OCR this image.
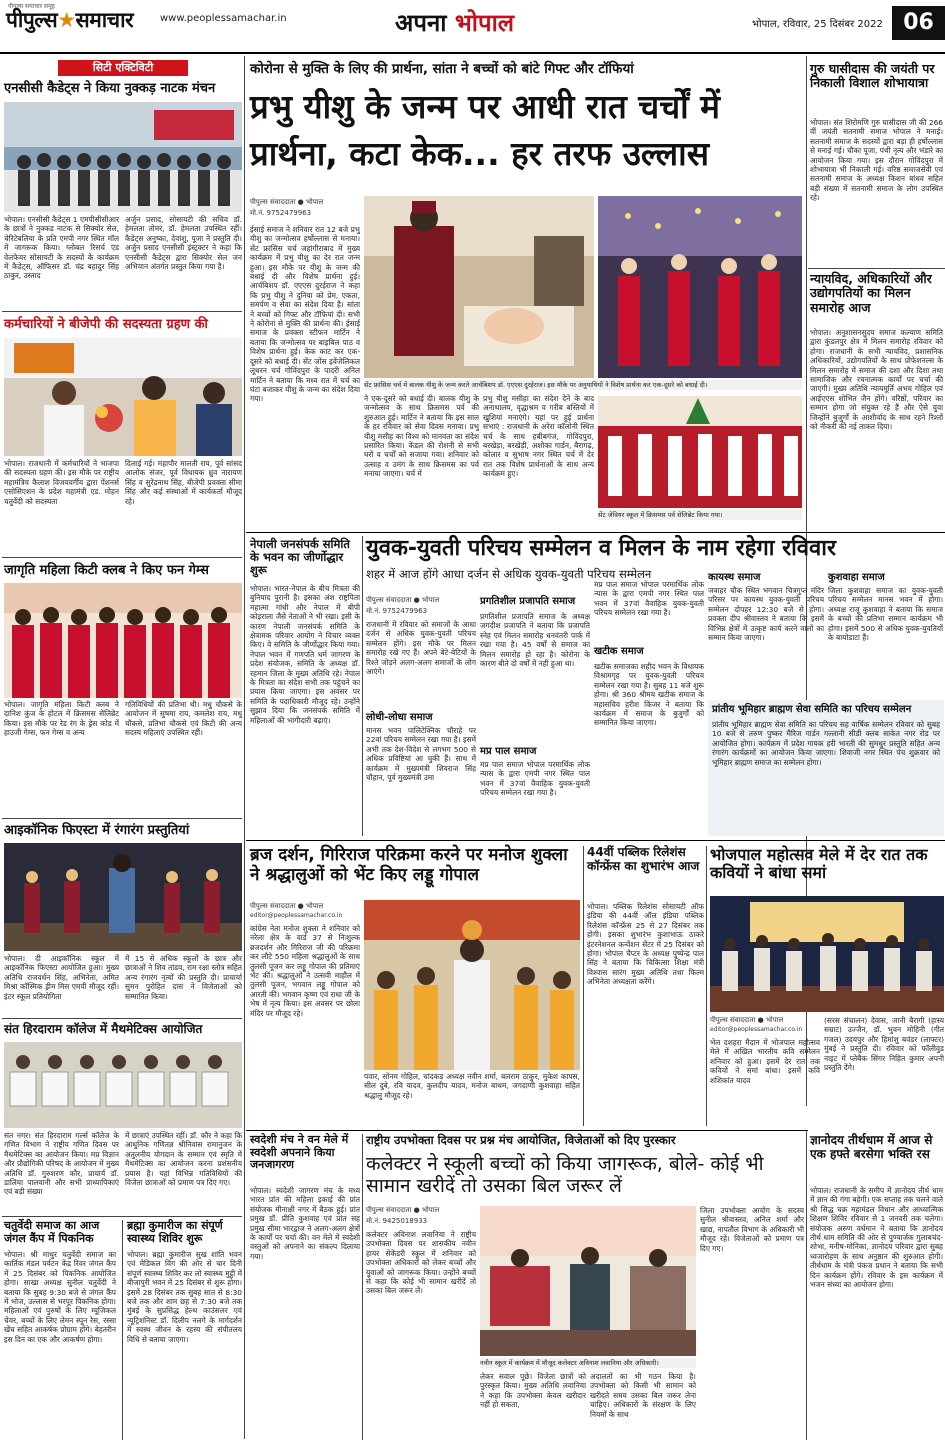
पीपुल्स समाचार समूह
पीपुल्स★समाचार	www.peoplessamachar.in	अपना भोपाल	भोपाल, रविवार, 25 दिसंबर 2022 06
सिटी एक्टिविटी
एनसीसी कैडेट्स ने किया नुक्कड़ नाटक मंचन
भोपाल। एनसीसी कैडेट्स 1 एमपीसीसीआर के छात्रों ने नुक्कड़ नाटक से सिक्योर सेल, चेरिटेबलिया के प्रति एमपी नगर स्थित मॉल में जागरूक किया। ग्लोबल रिसर्च एंड वेलफेयर सोसायटी के सदस्यों के कार्यक्रम में कैडेट्स, ऑफिसर डॉ. चंद्र बहादुर सिंह ठाकुर, उस्ताद
अर्जुन प्रसाद, सोसायटी की सचिव डॉ. हेमलता तोमर, डॉ. हेमलता उपस्थित रहीं। कैडेट्स अनुष्का, देवांशु, पूजा ने प्रस्तुति दी। अर्जुन प्रसाद एनसीसी इंस्ट्रक्टर ने कहा कि एनसीसी कैडेट्स द्वारा सिक्योर सेल जन अभियान अंतर्गत प्रस्तुत किया गया है।
कर्मचारियों ने बीजेपी की सदस्यता ग्रहण की
भोपाल। राजधानी में कर्मचारियों ने भाजपा की सदस्यता ग्रहण की। इस मौके पर राष्ट्रीय महामंत्रिय कैलाश विजयवर्गीय द्वारा पेंशनर्स एसोसिएशन के प्रदेश महामंत्री एड. मोहन चतुर्वेदी को सदस्यता
दिलाई गई। महापौर मालती राय, पूर्व सांसद आलोक संजर, पूर्व विधायक ध्रुव नारायण सिंह व सुरेंद्रनाथ सिंह, बीजेपी प्रवक्ता सीमा सिंह और कई संस्थाओं में कार्यकर्ता मौजूद रहे।
जागृति महिला किटी क्लब ने किए फन गेम्स
भोपाल। जागृति महिला किटी क्लब ने दानिश कुंज के होटल में क्रिसमस सेलिब्रेट किया। इस मौके पर रेड रंग के ड्रेस कोड में हाउजी गेम्स, फन गेम्स व अन्य
गतिविधियों की प्रतिभा थी। मधु चौकसे के आयोजन में सुषमा राय, कमलेश राय, मधु चौकसे, प्रतिभा चौकसे एवं किटी की अन्य सदस्य महिलाएं उपस्थित रहीं।
आइकॉनिक फिएस्टा में रंगारंग प्रस्तुतियां
भोपाल। दी आइकॉनिक स्कूल में आइकॉनिक फिएस्टा आयोजित हुआ। मुख्य अतिथि राजवर्धन सिंह, अभिनेता, अमित मिश्रा कॉस्मिक ड्रीम मिस एमपी मौजूद रहीं। इंटर स्कूल प्रतियोगिता
में 15 से अधिक स्कूलों के छात्र और छात्राओं ने शिव तांडव, राम रक्षा स्तोत्र सहित अन्य रंगारंग नृत्यों की प्रस्तुति दी। प्राचार्या सुमन पुरोहित दास ने विजेताओं को सम्मानित किया।
संत हिरदाराम कॉलेज में मैथमेटिक्स आयोजित
संत नगर। संत हिरदाराम गर्ल्स कॉलेज के गणित विभाग ने राष्ट्रीय गणित दिवस पर मैथमेटिक्स का आयोजन किया। मप्र विज्ञान और प्रौद्योगिकी परिषद के आयोजन में मुख्य अतिथि डॉ. गुरुशरण कौर, प्राचार्य डॉ. डालिया पालवानी और सभी प्राध्यापिकाएं एवं बड़ी संख्या
में छात्राएं उपस्थित रहीं। डॉ. कौर ने कहा कि आधुनिक गणितज्ञ श्रीनिवास रामानुजन के अतुलनीय योगदान के सम्मान एवं स्मृति में मैथमेटिक्स का आयोजन करना प्रशंसनीय प्रयास है। यहां विभिन्न गतिविधियों की विजेता छात्राओं को प्रमाण पत्र दिए गए।
चतुर्वेदी समाज का आज जंगल कैंप में पिकनिक
भोपाल। श्री माथुर चतुर्वेदी समाज का कार्तिक मंडल पर्यटन केंद्र रिवर जंगल कैंप में 25 दिसंबर को पिकनिक आयोजित होगा। साखा अध्यक्ष सुनील चतुर्वेदी ने बताया कि सुबह 9:30 बजे से जंगल कैंप में भोज, उल्लास से भरपूर पिकनिक होगा। महिलाओं एवं पुरुषों के लिए म्यूजिकल चेयर, बच्चों के लिए लेमन स्पून रेस, रस्सा खेंच सहित आकर्षक प्रोग्राम होंगे। बेहतरीन इस दिन का एक और आकर्षण होगा।
ब्रह्मा कुमारीज का संपूर्ण स्वास्थ्य शिविर शुरू
भोपाल। ब्रह्मा कुमारीज सुख शांति भवन एवं मेडिकल विंग की ओर से चार दिनी संपूर्ण स्वास्थ्य शिविर कर लो स्वास्थ्य मुट्ठी में बीजापुरी भवन में 25 दिसंबर से शुरू होगा। इसमें 28 दिसंबर तक सुबह सात से 8:30 बजे तक और शाम छह से 7:30 बजे तक मुंबई के सुप्रसिद्ध हेल्थ काउंसलर एवं न्यूट्रिशनिस्ट डॉ. दिलीप नलगे के मार्गदर्शन में स्वस्थ जीवन के रहस्य की संपीतलय विधि से बताया जाएगा।
कोरोना से मुक्ति के लिए की प्रार्थना, सांता ने बच्चों को बांटे गिफ्ट और टॉफियां
प्रभु यीशु के जन्म पर आधी रात चर्चों में
प्रार्थना, कटा केक... हर तरफ उल्लास
पीपुल्स संवाददाता ● भोपाल
मो.नं. 9752479963
ईसाई समाज ने शनिवार रात 12 बजे प्रभु यीशु का जन्मोत्सव हर्षोल्लास से मनाया। सेंट फ्रांसिस चर्च जहांगीराबाद में मुख्य कार्यक्रम में प्रभु यीशु का देर रात जन्म हुआ। इस मौके पर यीशु के जन्म की बधाई दी और विशेष प्रार्थना हुई। आर्चबिशप डॉ. एएएस दुरईराज ने कहा कि प्रभु यीशु ने दुनिया को प्रेम, एकता, समर्पण व सेवा का संदेश दिया है। सांता ने बच्चों को गिफ्ट और टॉफियां दी। सभी ने कोरोना से मुक्ति की प्रार्थना की। ईसाई समाज के प्रवक्ता स्टीफन मार्टिन ने बताया कि जन्मोत्सव पर बाइबिल पाठ व विशेष प्रार्थना हुई। केक काट कर एक-दूसरे को बधाई दी। सेंट जोंस इवेंजेलिकल लूथरन चर्च गोविंदपुरा के पादरी अनिल मार्टिन ने बताया कि मध्य रात में चर्च का घंटा बजाकर यीशु के जन्म का संदेश दिया गया।
सेंट फ्रांसिस चर्च में बालक यीशु के जन्म करते आर्चबिशप डॉ. एएएस दुरईराज। इस मौके पर अनुयायियों ने विशेष प्रार्थना कर एक-दूसरे को बधाई दी।
ने एक-दूसरे को बधाई दी। बालक यीशु के जन्मोत्सव के साथ क्रिसमस पर्व की शुरुआत हुई। मार्टिन ने बताया कि इस साल के हर रविवार को सेवा दिवस मनाया। प्रभु यीशु मसीह का विश्व को मानवता का संदेश प्रसारित किया। केंडल की रोशनी से सभी घरों व चर्चों को सजाया गया। शनिवार को उत्साह व उमंग के साथ क्रिसमस का पर्व मनाया जाएगा। चर्च में
प्रभु यीशु मसीहा का संदेश देने के बाद अनाथालय, वृद्धाश्रम व गरीब बस्तियों में खुशियां मनाएंगे। यहां पर हुई प्रार्थना सभाएं : राजधानी के अरेरा कॉलोनी स्थित चर्च के साथ हबीबगंज, गोविंदपुरा, बरखेड़ा, बरखेड़ी, अशोका गार्डन, बैरागढ़, कोलार व सुभाष नगर स्थित चर्च में देर रात तक विशेष प्रार्थनाओं के साथ अन्य कार्यक्रम हुए।
सेंट जेवियर स्कूल में क्रिसमस पर्व सेलिब्रेट किया गया।
गुरु घासीदास की जयंती पर निकाली विशाल शोभायात्रा
भोपाल। संत शिरोमणि गुरु घासीदास जी की 266 वीं जयंती सतनामी समाज भोपाल ने मनाई। सतनामी समाज के सदस्यों द्वारा बड़ा ही हर्षोल्लास से मनाई गई। चौका पूजा, पंथी नृत्य और भंडारे का आयोजन किया गया। इस दौरान गोविंदपुरा में शोभायात्रा भी निकाली गई। वरिष्ठ समाजसेवी एवं सतनामी समाज के अध्यक्ष किशन बांधव सहित बड़ी संख्या में सतनामी समाज के लोग उपस्थित रहे।
न्यायविद, अधिकारियों और उद्योगपतियों का मिलन समारोह आज
भोपाल। अनुशासनसुदय समाज कल्याण समिति द्वारा कुंडलपुर क्षेत्र में मिलन समारोह रविवार को होगा। राजधानी के सभी न्यायविद, प्रशासनिक अधिकारियों, उद्योगपतियों के साथ प्रोफेशनल्स के मिलन समारोह में समाज की दशा और दिशा तथा सामाजिक और रचनात्मक कार्यों पर चर्चा की जाएगी। मुख्य अतिथि न्यायमूर्ति अभय गोहिल एवं आईएएस शोभित जैन होंगे। वरिष्ठों, परिवार का सम्मान होगा जो संयुक्त रहे हैं और ऐसे युवा जिन्होंने बुजुर्गों के आशीर्वाद के साथ रहने रिश्तों को नीकरी की नई ताकत दिया।
नेपाली जनसंपर्क समिति के भवन का जीर्णोद्धार शुरू
भोपाल। भारत-नेपाल के बीच मित्रता की बुनियाद पुरानी है। इसका अंश राष्ट्रपिता महात्मा गांधी और नेपाल में बीपी कोइराला जैसे नेताओं ने भी रखा। इसी के कारण नेपाली जनसंपर्क समिति के क्षेत्रामक परिवार आयोग ने विचार व्यक्त किए। वे समिति के जीर्णोद्धार किया गया। नेपाल भवन में गणपति धर्म जागरण के प्रदेश संयोजक, समिति के अध्यक्ष डॉ. रहमान जिला के मुख्य अतिथि रहे। नेपाल के मित्रता का संदेश सभी तक पहुंचने का प्रयास किया जाएगा। इस अवसर पर समिति के पदाधिकारी मौजूद रहे। उन्होंने सुझाव दिया कि जनसंपर्क समिति में महिलाओं की भागीदारी बढ़ाएं।
युवक-युवती परिचय सम्मेलन व मिलन के नाम रहेगा रविवार
शहर में आज होंगे आधा दर्जन से अधिक युवक-युवती परिचय सम्मेलन
पीपुल्स संवाददाता ● भोपाल
मो.नं. 9752479963
राजधानी में रविवार को समाजों के आधा दर्जन से अधिक युवक-युवती परिचय सम्मेलन होंगे। इस मौके पर मिलन समारोह रखे गए हैं। अपने बेटे-बेटियों के रिश्ते जोड़ने अलग-अलग समाजों के लोग आएंगे।
लोधी-लोधा समाज
मानस भवन पालिटेक्निक चौराहे पर 22वां परिचय सम्मेलन रखा गया है। इसमें अभी तक देश-विदेश से लगभग 500 से अधिक प्रविष्टियां आ चुकी हैं। साथ में कार्यक्रम में मुख्यमंत्री शिवराज सिंह चौहान, पूर्व मुख्यमंत्री उमा
प्रगतिशील प्रजापति समाज
प्रगतिशील प्रजापति समाज के अध्यक्ष जगदीश प्रजापति ने बताया कि प्रजापति स्नेह एवं मिलन समारोह धनवंतरी पार्क में रखा गया है। 45 वर्षों से समाज का मिलन समारोह हो रहा है। कोरोना के कारण बीते दो वर्षों में नहीं हुआ था।
मप्र पाल समाज
मप्र पाल समाज भोपाल परमार्थिक लोक न्यास के द्वारा एमपी नगर स्थित पाल भवन में 37वां वैवाहिक युवक-युवती परिचय सम्मेलन रखा गया है।
मप्र पाल समाज भोपाल परमार्थिक लोक न्यास के द्वारा एमपी नगर स्थित पाल भवन में 37वां वैवाहिक युवक-युवती परिचय सम्मेलन रखा गया है।
खटीक समाज
खटीक समाजका शहीद भवन के विधायक विश्रामगृह पर युवक-युवती परिचय सम्मेलन रखा गया है। सुबह 11 बजे शुरू होगा। श्री 360 श्रीमय खटीक समाज के महासचिव हरीश किंजर ने बताया कि कार्यक्रम में समाज के बुजुर्गों को सम्मानित किया जाएगा।
कायस्थ समाज
जवाहर चौक स्थित भगवान चित्रगुप्त मंदिर परिसर पर कायस्थ युवक-युवती परिचय सम्मेलन दोपहर 12:30 बजे से होगा। प्रवक्ता दीप श्रीवास्तव ने बताया कि इसमें विभिन्न क्षेत्रों में उत्कृष्ट कार्य करने वालों का सम्मान किया जाएगा।
कुशवाहा समाज
जिला कुशवाहा समाज का युवक-युवती परिचय सम्मेलन मानस भवन में होगा। अध्यक्ष राजू कुशवाहा ने बताया कि समाज के बच्चों की प्रतिभा सम्मान कार्यक्रम भी होगा। इसमें 500 से अधिक युवक-युवतियों के बायोडाटा हैं।
प्रांतीय भूमिहार ब्राह्मण सेवा समिति का परिचय सम्मेलन
प्रांतीय भूमिहार ब्राह्मण सेवा समिति का परिचय सह वार्षिक सम्मेलन रविवार को सुबह 10 बजे से तरुण पुष्कर मैरिज गार्डन गल्लानी सीडी क्लब साकेत नगर रोड पर आयोजित होगा। कार्यक्रम में प्रदेश गायक हरी भारती की सुमधुर प्रस्तुति सहित अन्य रंगारंग कार्यक्रमों का आयोजन किया जाएगा। शिवाजी नगर स्थित पंच शुक्रवार को भूमिहार ब्राह्मण समाज का सम्मेलन होगा।
ब्रज दर्शन, गिरिराज परिक्रमा करने पर मनोज शुक्ला ने श्रद्धालुओं को भेंट किए लड्डू गोपाल
पीपुल्स संवाददाता ● भोपाल
editor@peoplessamachar.co.in
कांग्रेस नेता मनोज शुक्ला ने शनिवार को नरेला क्षेत्र के वार्ड 37 से निःशुल्क ब्रजदर्शन और गिरिराज जी की परिक्रमा कर लौटे 550 महिला श्रद्धालुओं के साथ तुलसी पूजन कर लड्डू गोपाल की प्रतिमाएं भेंट कीं। श्रद्धालुओं ने उत्सवी माहौल में तुलसी पूजन, भगवान लड्डू गोपाल को आरती की। भगवान कृष्ण एवं राधा जी के भेष में नृत्य किया। इस अवसर पर छोला मंदिर पर मौजूद रहे।
पवार, सोनम गोहिल, चांदकड़ अध्यक्ष नवीन शर्मा, बलराम ठाकुर, मुकेश कापस, सील दुबे, रवि यादव, कुलदीप यादव, मनोज बाथम, जगदाणी कुशवाहा सहित श्रद्धालु मौजूद रहे।
44वीं पब्लिक रिलेशंस कॉन्फ्रेंस का शुभारंभ आज
भोपाल। पब्लिक रिलेशंस सोसायटी ऑफ इंडिया की 44वीं ऑल इंडिया पब्लिक रिलेशंस कॉन्फ्रेंस 25 से 27 दिसंबर तक होगी। इसका शुभारंभ कुशाभाऊ ठाकरे इंटरनेशनल कन्वेंशन सेंटर में 25 दिसंबर को होगा। भोपाल चैप्टर के अध्यक्ष पुष्पेन्द्र पाल सिंह ने बताया कि चिकित्सा शिक्षा मंत्री विश्वास सारंग मुख्य अतिथि तथा फिल्म अभिनेता अध्यक्षता करेंगे।
भोजपाल महोत्सव मेले में देर रात तक कवियों ने बांधा समां
पीपुल्स संवाददाता ● भोपाल
editor@peoplessamachar.co.in
भेल दशहरा मैदान में भोजपाल महोत्सव मेले में अखिल भारतीय कवि सम्मेलन शनिवार को हुआ। इसमें देर रात तक कवियों ने समां बांधा। इसमें कवि शशिकांत यादव
(सरस संचालन) देवास, जानी बैरागी (हास्य सम्राट) उज्जैन, डॉ. भुवन मोहिनी (गीत गजल) उदयपुर और हिमांशु बवंडर (लाफ्टर) मुंबई ने प्रस्तुति दी। रविवार को फॉलीवुड नाइट में प्लेबैक सिंगर निहित कुमार अपनी प्रस्तुति देंगे।
स्वदेशी मंच ने वन मेले में स्वदेशी अपनाने किया जनजागरण
भोपाल। स्वदेशी जागरण मंच के मध्य भारत प्रांत की महिला इकाई की प्रांत संयोजक मीनाक्षी नगर में बैठक हुई। प्रांत प्रमुख डॉ. प्रीति कुशवाह एवं प्रांत सह प्रमुख सीमा भारद्वाज ने अलग-अलग क्षेत्रों के कार्यों पर चर्चा की। वन मेले में स्वदेशी वस्तुओं को अपनाने का संकल्प दिलाया गया।
राष्ट्रीय उपभोक्ता दिवस पर प्रश्न मंच आयोजित, विजेताओं को दिए पुरस्कार
कलेक्टर ने स्कूली बच्चों को किया जागरूक, बोले- कोई भी सामान खरीदें तो उसका बिल जरूर लें
पीपुल्स संवाददाता ● भोपाल
मो.नं. 9425018933
कलेक्टर अविनाश लवानिया ने राष्ट्रीय उपभोक्ता दिवस पर शासकीय नवीन हायर सेकेंडरी स्कूल में शनिवार को उपभोक्ता अधिकारों को लेकर बच्चों और युवाओं को जागरूक किया। उन्होंने बच्चों से कहा कि कोई भी सामान खरीदें तो उसका बिल जरूर लें।
नवीन स्कूल में कार्यक्रम में मौजूद कलेक्टर अविनाश लवानिया और अधिकारी।
लेकर सवाल पूछे। विजेता छात्रों को पुरस्कृत किया। मुख्य अतिथि लवानिया ने कहा कि उपभोक्ता केवल खरीदार नहीं हो सकता,
अदालतों का भी गठन किया है। उपभोक्ता को किसी भी सामान को खरीदते समय उसका बिल जरूर लेना चाहिए। अधिकारों के संरक्षण के लिए नियमों के साथ
जिला उपभोक्ता आयोग के सदस्य सुनील श्रीवास्तव, अनिल शर्मा और खाद्य, नापतौल विभाग के अधिकारी भी मौजूद रहे। विजेताओं को प्रमाण पत्र दिए गए।
ज्ञानोदय तीर्थधाम में आज से एक हफ्ते बरसेगा भक्ति रस
भोपाल। राजधानी के समीप में ज्ञानोदय तीर्थ धाम में ज्ञान की गंगा बहेगी। एक सप्ताह तक चलने वाले श्री सिद्ध चक्र महामंडल विधान और आध्यात्मिक शिक्षण शिविर रविवार से 1 जनवरी तक चलेगा। संयोजक अरुण वर्धमान ने बताया कि ज्ञानोदय तीर्थ धाम समिति की ओर से पुण्यार्जक गुलाबचंद-शोभा, मनीष-मोनिका, ज्ञानोदय परिवार द्वारा सुबह ध्वजारोहण के साथ अनुष्ठान की शुरुआत होगी। तीर्थधाम के मंत्री पंकज प्रधान ने बताया कि सभी दिन कार्यक्रम होंगे। रविवार के इस कार्यक्रम में भजन संध्या का आयोजन होगा।
